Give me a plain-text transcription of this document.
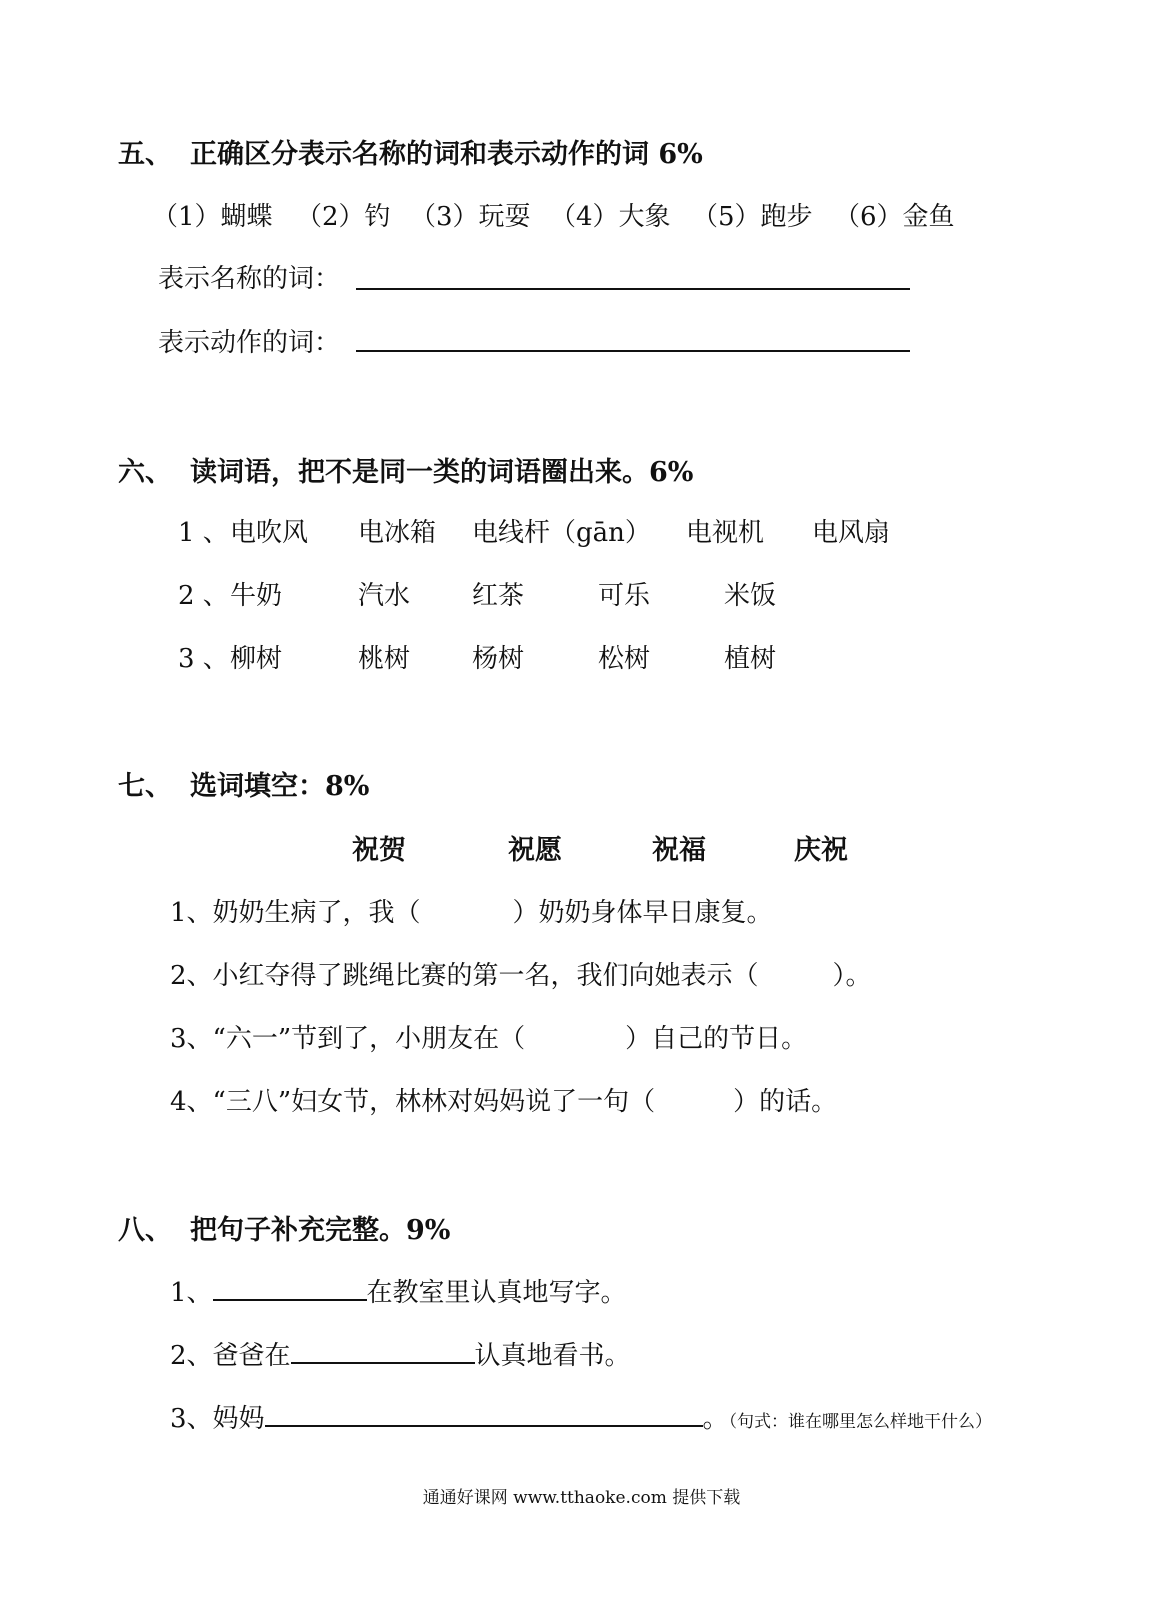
五、 正确区分表示名称的词和表示动作的词 6%
（1）蝴蝶 （2）钓 （3）玩耍 （4）大象 （5）跑步 （6）金鱼
表示名称的词：
表示动作的词：
六、 读词语，把不是同一类的词语圈出来。6%
1 、 电吹风 电冰箱 电线杆（gān） 电视机 电风扇
2 、 牛奶	汽水 红茶	可乐	米饭
3 、 柳树	桃树 杨树	松树	植树
七、 选词填空：8%
祝贺	祝愿	祝福	庆祝
1、奶奶生病了，我（	）奶奶身体早日康复。
2、小红夺得了跳绳比赛的第一名，我们向她表示（	）。
3、“六一”节到了，小朋友在（	）自己的节日。
4、“三八”妇女节，林林对妈妈说了一句（	）的话。
八、 把句子补充完整。9%
1、	在教室里认真地写字。
2、爸爸在	认真地看书。
3、妈妈	。（句式：谁在哪里怎么样地干什么）
通通好课网 www.tthaoke.com 提供下载
